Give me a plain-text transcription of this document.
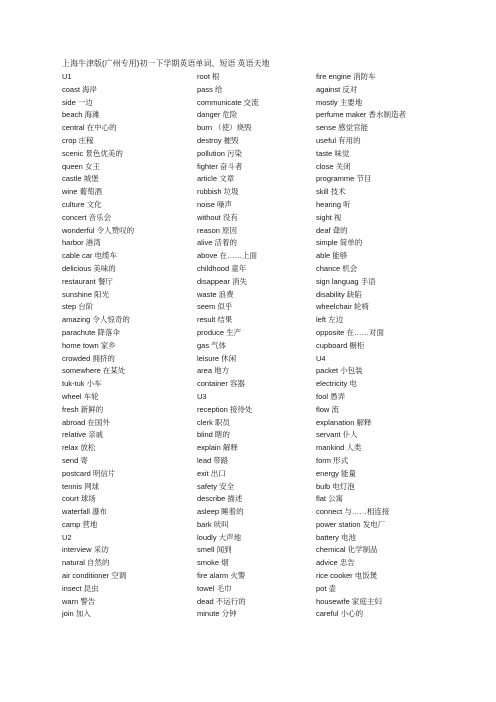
上海牛津版(广州专用)初一下学期英语单词、短语 英语天地
U1
coast 海岸
side 一边
beach 海滩
central 在中心的
crop 庄稼
scenic 景色优美的
queen 女王
castle 城堡
wine 葡萄酒
culture 文化
concert 音乐会
wonderful 令人赞叹的
harbor 港湾
cable car 电缆车
delicious 美味的
restaurant 餐厅
sunshine 阳光
step 台阶
amazing 令人惊奇的
parachute 降落伞
home town 家乡
crowded 拥挤的
somewhere 在某处
tuk-tuk 小车
wheel 车轮
fresh 新鲜的
abroad 在国外
relative 亲戚
relax 放松
send 寄
postcard 明信片
tennis 网球
court 球场
waterfall 瀑布
camp 营地
U2
interview 采访
natural 自然的
air conditioner 空调
insect 昆虫
warn 警告
join 加入
root 根
pass 给
communicate 交流
danger 危险
burn （使）烧毁
destroy 摧毁
pollution 污染
fighter 奋斗者
article 文章
rubbish 垃圾
noise 噪声
without 没有
reason 原因
alive 活着的
above 在……上面
childhood 童年
disappear 消失
waste 浪费
seem 似乎
result 结果
produce 生产
gas 气体
leisure 休闲
area 地方
container 容器
U3
reception 接待处
clerk 职员
blind 瞎的
explain 解释
lead 带路
exit 出口
safety 安全
describe 描述
asleep 睡着的
bark 吠叫
loudly 大声地
smell 闻到
smoke 烟
fire alarm 火警
towel 毛巾
dead 不运行的
minute 分钟
fire engine 消防车
against 反对
mostly 主要地
perfume maker 香水制造者
sense 感觉官能
useful 有用的
taste 味觉
close 关闭
programme 节目
skill 技术
hearing 听
sight 视
deaf 聋的
simple 简单的
able 能够
chance 机会
sign languag 手语
disability 缺陷
wheelchair 轮椅
left 左边
opposite 在……对面
cupboard 橱柜
U4
packet 小包装
electricity 电
fool 愚弄
flow 流
explanation 解释
servant 仆人
mankind 人类
form 形式
energy 能量
bulb 电灯泡
flat 公寓
connect 与……相连接
power station 发电厂
battery 电池
chemical 化学制品
advice 忠告
rice cooker 电饭煲
pot 壶
housewife 家庭主妇
careful 小心的
